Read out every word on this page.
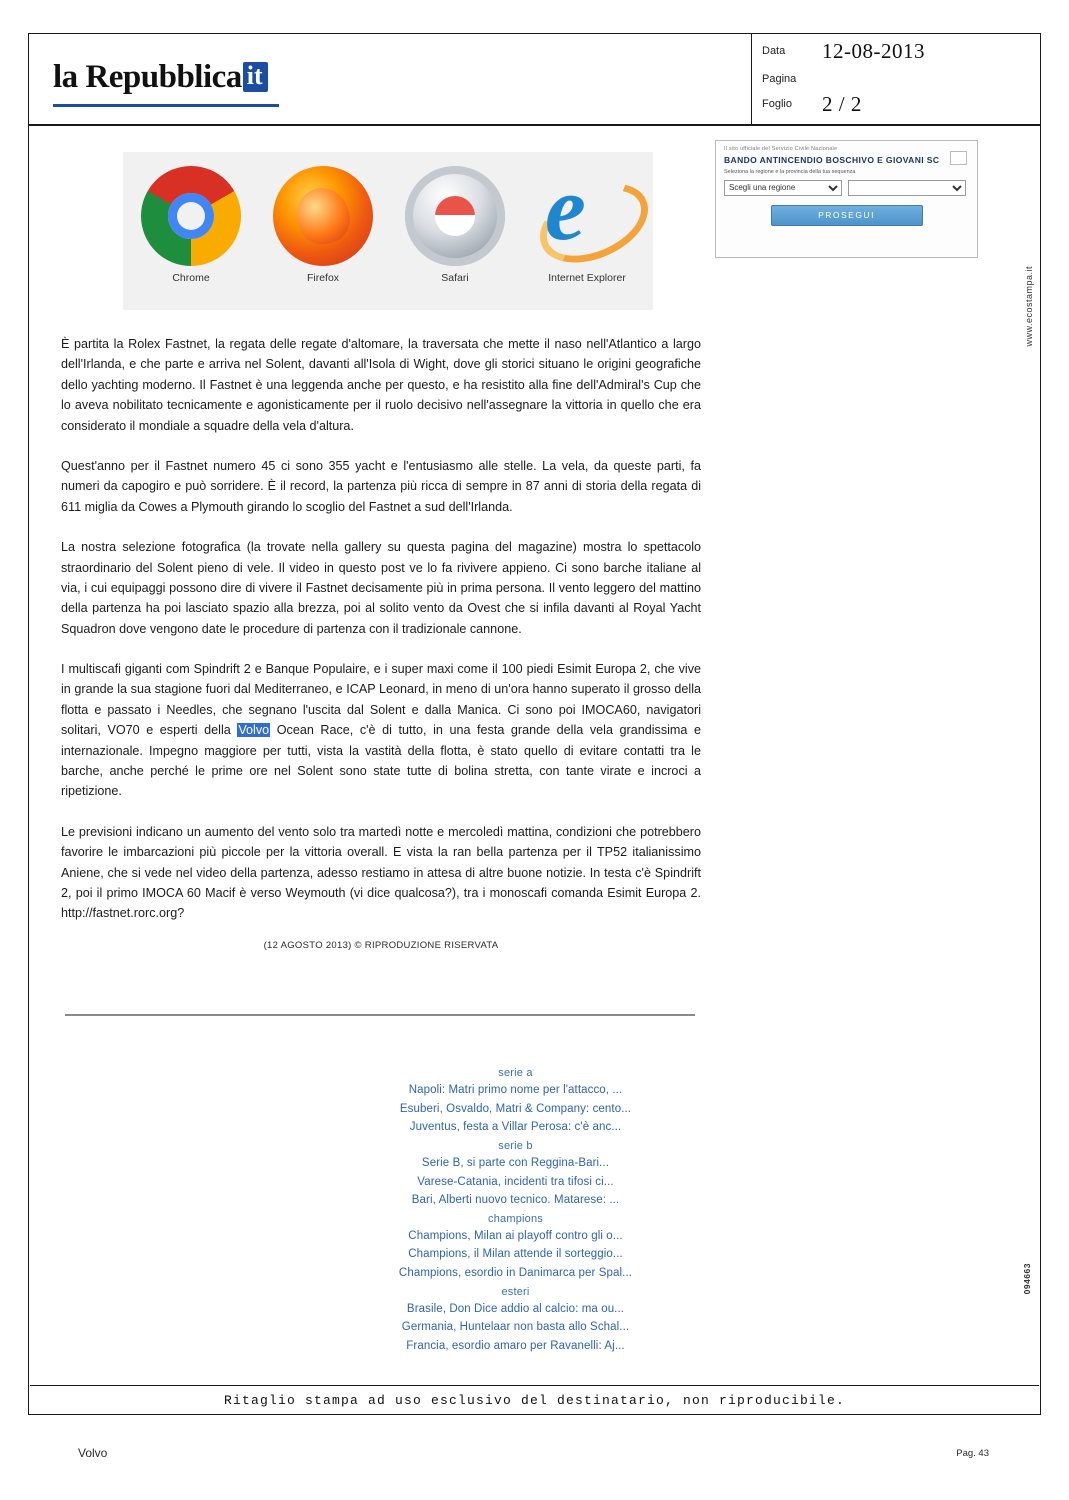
la Repubblica it
Data	12-08-2013
Pagina
Foglio	2 / 2
www.ecostampa.it
094663
Chrome	Firefox	Safari
e
Internet Explorer
Il sito ufficiale del Servizio Civile Nazionale
BANDO ANTINCENDIO BOSCHIVO E GIOVANI SC
Seleziona la regione e la provincia della tua sequenza
Scegli una regione
PROSEGUI

È partita la Rolex Fastnet, la regata delle regate d'altomare, la traversata che mette il naso nell'Atlantico a largo dell'Irlanda, e che parte e arriva nel Solent, davanti all'Isola di Wight, dove gli storici situano le origini geografiche dello yachting moderno. Il Fastnet è una leggenda anche per questo, e ha resistito alla fine dell'Admiral's Cup che lo aveva nobilitato tecnicamente e agonisticamente per il ruolo decisivo nell'assegnare la vittoria in quello che era considerato il mondiale a squadre della vela d'altura.

Quest'anno per il Fastnet numero 45 ci sono 355 yacht e l'entusiasmo alle stelle. La vela, da queste parti, fa numeri da capogiro e può sorridere. È il record, la partenza più ricca di sempre in 87 anni di storia della regata di 611 miglia da Cowes a Plymouth girando lo scoglio del Fastnet a sud dell'Irlanda.

La nostra selezione fotografica (la trovate nella gallery su questa pagina del magazine) mostra lo spettacolo straordinario del Solent pieno di vele. Il video in questo post ve lo fa rivivere appieno. Ci sono barche italiane al via, i cui equipaggi possono dire di vivere il Fastnet decisamente più in prima persona. Il vento leggero del mattino della partenza ha poi lasciato spazio alla brezza, poi al solito vento da Ovest che si infila davanti al Royal Yacht Squadron dove vengono date le procedure di partenza con il tradizionale cannone.

I multiscafi giganti com Spindrift 2 e Banque Populaire, e i super maxi come il 100 piedi Esimit Europa 2, che vive in grande la sua stagione fuori dal Mediterraneo, e ICAP Leonard, in meno di un'ora hanno superato il grosso della flotta e passato i Needles, che segnano l'uscita dal Solent e dalla Manica. Ci sono poi IMOCA60, navigatori solitari, VO70 e esperti della Volvo Ocean Race, c'è di tutto, in una festa grande della vela grandissima e internazionale. Impegno maggiore per tutti, vista la vastità della flotta, è stato quello di evitare contatti tra le barche, anche perché le prime ore nel Solent sono state tutte di bolina stretta, con tante virate e incroci a ripetizione.

Le previsioni indicano un aumento del vento solo tra martedì notte e mercoledì mattina, condizioni che potrebbero favorire le imbarcazioni più piccole per la vittoria overall. E vista la ran bella partenza per il TP52 italianissimo Aniene, che si vede nel video della partenza, adesso restiamo in attesa di altre buone notizie. In testa c'è Spindrift 2, poi il primo IMOCA 60 Macif è verso Weymouth (vi dice qualcosa?), tra i monoscafi comanda Esimit Europa 2. http://fastnet.rorc.org?

(12 AGOSTO 2013) © RIPRODUZIONE RISERVATA
serie a
Napoli: Matri primo nome per l'attacco, ...
Esuberi, Osvaldo, Matri & Company: cento...
Juventus, festa a Villar Perosa: c'è anc...
serie b
Serie B, si parte con Reggina-Bari...
Varese-Catania, incidenti tra tifosi ci...
Bari, Alberti nuovo tecnico. Matarese: ...
champions
Champions, Milan ai playoff contro gli o...
Champions, il Milan attende il sorteggio...
Champions, esordio in Danimarca per Spal...
esteri
Brasile, Don Dice addio al calcio: ma ou...
Germania, Huntelaar non basta allo Schal...
Francia, esordio amaro per Ravanelli: Aj...
Ritaglio stampa ad uso esclusivo del destinatario, non riproducibile.
Volvo	Pag. 43
